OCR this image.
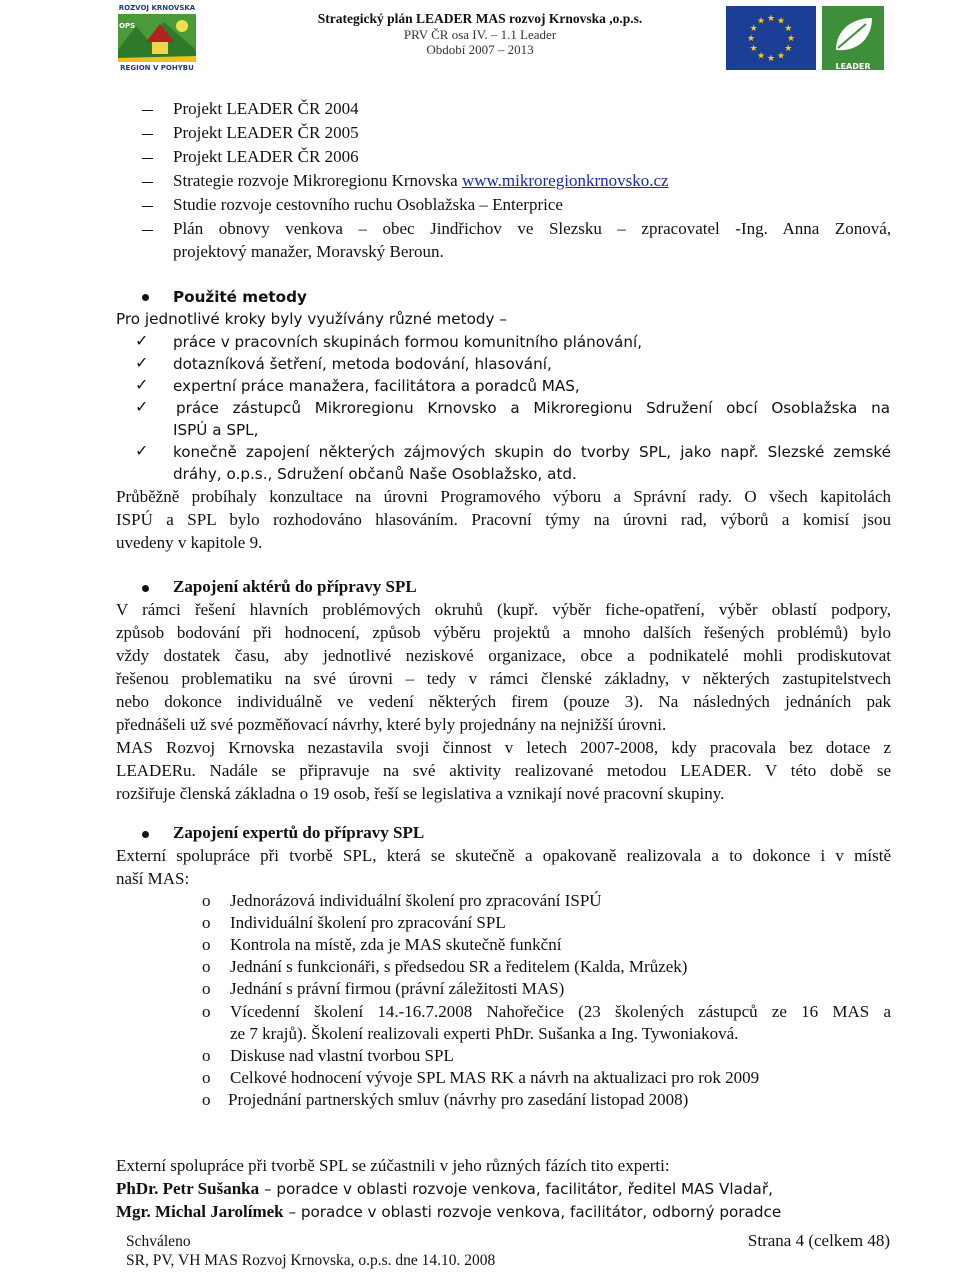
ROZVOJ KRNOVSKA
OPS
REGION V POHYBU
Strategický plán LEADER MAS rozvoj Krnovska ,o.p.s.
PRV ČR osa IV. – 1.1 Leader
Období 2007 – 2013
★ ★
★
★
★
★
★
★
★
★
★
★
LEADER
Projekt LEADER ČR 2004
Projekt LEADER ČR 2005
Projekt LEADER ČR 2006
Strategie rozvoje Mikroregionu Krnovska www.mikroregionkrnovsko.cz
Studie rozvoje cestovního ruchu Osoblažska – Enterprice
Plán obnovy venkova – obec Jindřichov ve Slezsku – zpracovatel -Ing. Anna Zonová,
projektový manažer, Moravský Beroun.
Použité metody
Pro jednotlivé kroky byly využívány různé metody –
✓ práce v pracovních skupinách formou komunitního plánování,
✓ dotazníková šetření, metoda bodování, hlasování,
✓ expertní práce manažera, facilitátora a poradců MAS,
✓ práce zástupců Mikroregionu Krnovsko a Mikroregionu Sdružení obcí Osoblažska na
ISPÚ a SPL,
✓ konečně zapojení některých zájmových skupin do tvorby SPL, jako např. Slezské zemské
dráhy, o.p.s., Sdružení občanů Naše Osoblažsko, atd.
Průběžně probíhaly konzultace na úrovni Programového výboru a Správní rady. O všech kapitolách
ISPÚ a SPL bylo rozhodováno hlasováním. Pracovní týmy na úrovni rad, výborů a komisí jsou
uvedeny v kapitole 9.
Zapojení aktérů do přípravy SPL
V rámci řešení hlavních problémových okruhů (kupř. výběr fiche-opatření, výběr oblastí podpory,
způsob bodování při hodnocení, způsob výběru projektů a mnoho dalších řešených problémů) bylo
vždy dostatek času, aby jednotlivé neziskové organizace, obce a podnikatelé mohli prodiskutovat
řešenou problematiku na své úrovni – tedy v rámci členské základny, v některých zastupitelstvech
nebo dokonce individuálně ve vedení některých firem (pouze 3). Na následných jednáních pak
přednášeli už své pozměňovací návrhy, které byly projednány na nejnižší úrovni.
MAS Rozvoj Krnovska nezastavila svoji činnost v letech 2007-2008, kdy pracovala bez dotace z
LEADERu. Nadále se připravuje na své aktivity realizované metodou LEADER. V této době se
rozšiřuje členská základna o 19 osob, řeší se legislativa a vznikají nové pracovní skupiny.
Zapojení expertů do přípravy SPL
Externí spolupráce při tvorbě SPL, která se skutečně a opakovaně realizovala a to dokonce i v místě
naší MAS:
o Jednorázová individuální školení pro zpracování ISPÚ
o Individuální školení pro zpracování SPL
o Kontrola na místě, zda je MAS skutečně funkční
o Jednání s funkcionáři, s předsedou SR a ředitelem (Kalda, Mrůzek)
o Jednání s právní firmou (právní záležitosti MAS)
o Vícedenní školení 14.-16.7.2008 Nahořečice (23 školených zástupců ze 16 MAS a
ze 7 krajů). Školení realizovali experti PhDr. Sušanka a Ing. Tywoniaková.
o Diskuse nad vlastní tvorbou SPL
o Celkové hodnocení vývoje SPL MAS RK a návrh na aktualizaci pro rok 2009
o Projednání partnerských smluv (návrhy pro zasedání listopad 2008)
Externí spolupráce při tvorbě SPL se zúčastnili v jeho různých fázích tito experti:
PhDr. Petr Sušanka – poradce v oblasti rozvoje venkova, facilitátor, ředitel MAS Vladař,
Mgr. Michal Jarolímek – poradce v oblasti rozvoje venkova, facilitátor, odborný poradce
Schváleno
SR, PV, VH MAS Rozvoj Krnovska, o.p.s. dne 14.10. 2008
Strana 4 (celkem 48)
